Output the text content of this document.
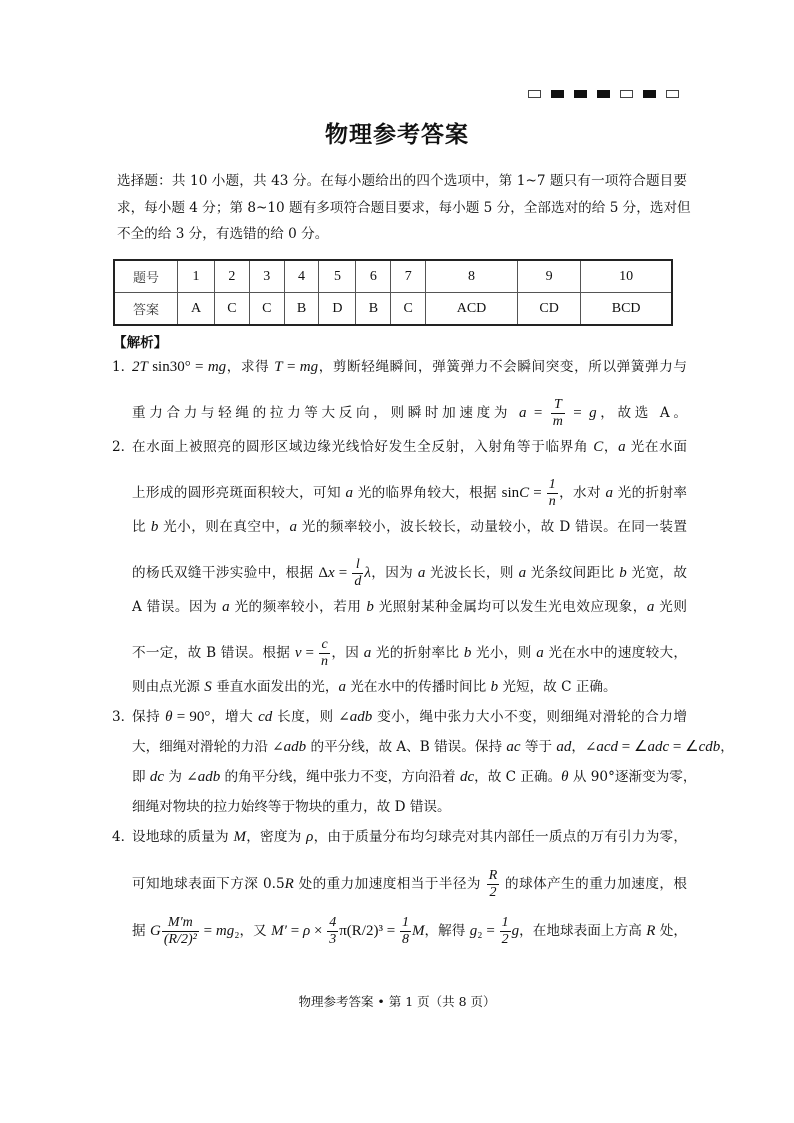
物理参考答案
选择题：共 10 小题，共 43 分。在每小题给出的四个选项中，第 1~7 题只有一项符合题目要
求，每小题 4 分；第 8~10 题有多项符合题目要求，每小题 5 分，全部选对的给 5 分，选对但
不全的给 3 分，有选错的给 0 分。
题号	1	2	3	4	5	6	7	8	9	10
答案	A	C	C	B	D	B	C	ACD	CD	BCD
【解析】
1．
2T sin30° = mg，求得 T = mg，剪断轻绳瞬间，弹簧弹力不会瞬间突变，所以弹簧弹力与
重力合力与轻绳的拉力等大反向，则瞬时加速度为 $a = \frac{T}{m} = g$，故选 A。
2．
在水面上被照亮的圆形区域边缘光线恰好发生全反射，入射角等于临界角 C，a 光在水面
上形成的圆形亮斑面积较大，可知 a 光的临界角较大，根据 $\sin C = \frac{1}{n}$ ，水对 a 光的折射率
比 b 光小，则在真空中，a 光的频率较小，波长较长，动量较小，故 D 错误。在同一装置
的杨氏双缝干涉实验中，根据 $\Delta x = \frac{l}{d}$ λ，因为 a 光波长长，则 a 光条纹间距比 b 光宽，故
A 错误。因为 a 光的频率较小，若用 b 光照射某种金属均可以发生光电效应现象，a 光则
不一定，故 B 错误。根据 $v = \frac{c}{n}$ ，因 a 光的折射率比 b 光小，则 a 光在水中的速度较大，
则由点光源 S 垂直水面发出的光，a 光在水中的传播时间比 b 光短，故 C 正确。
3．
保持 θ = 90°，增大 cd 长度，则 ∠adb 变小，绳中张力大小不变，则细绳对滑轮的合力增
大，细绳对滑轮的力沿 ∠adb 的平分线，故 A、B 错误。保持 ac 等于 ad，∠acd = ∠adc = ∠cdb，
即 dc 为 ∠adb 的角平分线，绳中张力不变，方向沿着 dc，故 C 正确。θ 从 90°逐渐变为零，
细绳对物块的拉力始终等于物块的重力，故 D 错误。
4．
设地球的质量为 M，密度为 ρ，由于质量分布均匀球壳对其内部任一质点的万有引力为零，
可知地球表面下方深 0.5R 处的重力加速度相当于半径为 $\frac{R}{2}$ 的球体产生的重力加速度，根
据 G $\frac{M'm}{\text{(R/2)²}} = mg_2$，又 $M' = \rho \times \frac{4}{3} \pi(R/2)^3 = \frac{1}{8}$ M，解得 $g_2 = \frac{1}{2}$ g，在地球表面上方高 R 处，
物理参考答案 • 第 1 页（共 8 页）
